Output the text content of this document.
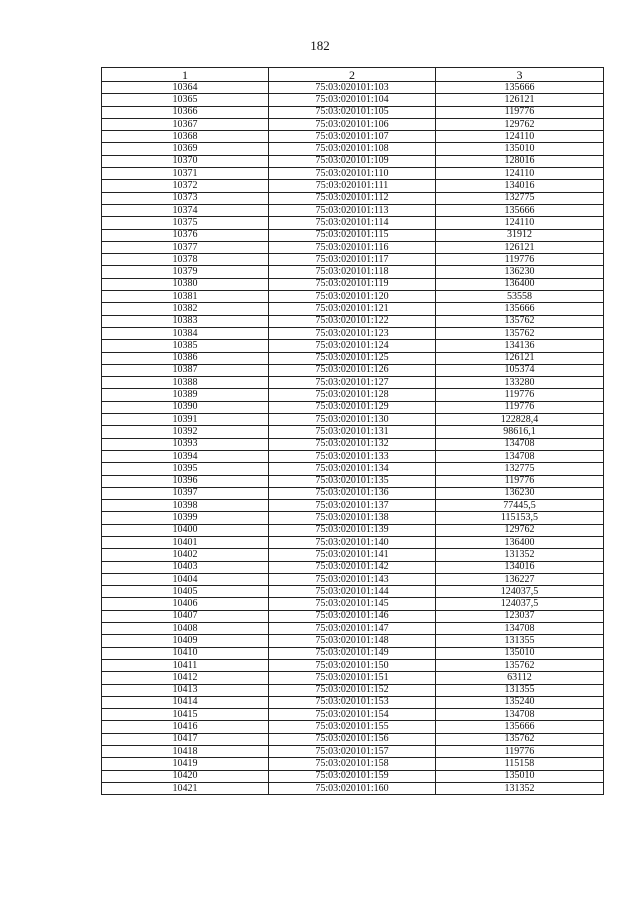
182
1	2	3
10364	75:03:020101:103	135666
10365	75:03:020101:104	126121
10366	75:03:020101:105	119776
10367	75:03:020101:106	129762
10368	75:03:020101:107	124110
10369	75:03:020101:108	135010
10370	75:03:020101:109	128016
10371	75:03:020101:110	124110
10372	75:03:020101:111	134016
10373	75:03:020101:112	132775
10374	75:03:020101:113	135666
10375	75:03:020101:114	124110
10376	75:03:020101:115	31912
10377	75:03:020101:116	126121
10378	75:03:020101:117	119776
10379	75:03:020101:118	136230
10380	75:03:020101:119	136400
10381	75:03:020101:120	53558
10382	75:03:020101:121	135666
10383	75:03:020101:122	135762
10384	75:03:020101:123	135762
10385	75:03:020101:124	134136
10386	75:03:020101:125	126121
10387	75:03:020101:126	105374
10388	75:03:020101:127	133280
10389	75:03:020101:128	119776
10390	75:03:020101:129	119776
10391	75:03:020101:130	122828,4
10392	75:03:020101:131	98616,1
10393	75:03:020101:132	134708
10394	75:03:020101:133	134708
10395	75:03:020101:134	132775
10396	75:03:020101:135	119776
10397	75:03:020101:136	136230
10398	75:03:020101:137	77445,5
10399	75:03:020101:138	115153,5
10400	75:03:020101:139	129762
10401	75:03:020101:140	136400
10402	75:03:020101:141	131352
10403	75:03:020101:142	134016
10404	75:03:020101:143	136227
10405	75:03:020101:144	124037,5
10406	75:03:020101:145	124037,5
10407	75:03:020101:146	123037
10408	75:03:020101:147	134708
10409	75:03:020101:148	131355
10410	75:03:020101:149	135010
10411	75:03:020101:150	135762
10412	75:03:020101:151	63112
10413	75:03:020101:152	131355
10414	75:03:020101:153	135240
10415	75:03:020101:154	134708
10416	75:03:020101:155	135666
10417	75:03:020101:156	135762
10418	75:03:020101:157	119776
10419	75:03:020101:158	115158
10420	75:03:020101:159	135010
10421	75:03:020101:160	131352
